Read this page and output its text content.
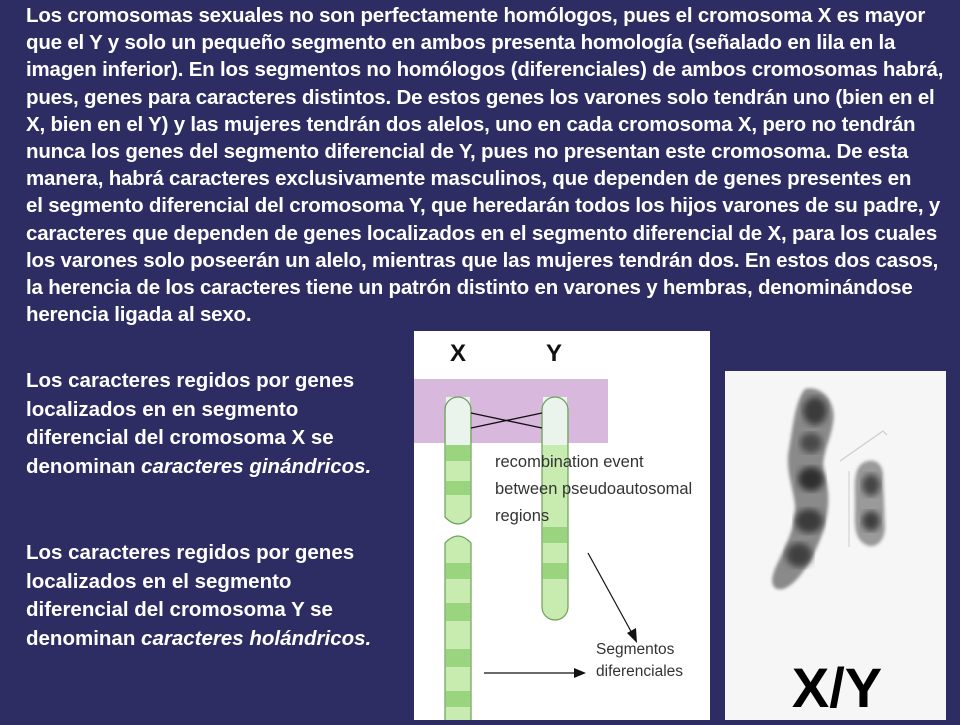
Los cromosomas sexuales no son perfectamente homólogos, pues el cromosoma X es mayor
que el Y y solo un pequeño segmento en ambos presenta homología (señalado en lila en la
imagen inferior). En los segmentos no homólogos (diferenciales) de ambos cromosomas habrá,
pues, genes para caracteres distintos. De estos genes los varones solo tendrán uno (bien en el
X, bien en el Y) y las mujeres tendrán dos alelos, uno en cada cromosoma X, pero no tendrán
nunca los genes del segmento diferencial de Y, pues no presentan este cromosoma. De esta
manera, habrá caracteres exclusivamente masculinos, que dependen de genes presentes en
el segmento diferencial del cromosoma Y, que heredarán todos los hijos varones de su padre, y
caracteres que dependen de genes localizados en el segmento diferencial de X, para los cuales
los varones solo poseerán un alelo, mientras que las mujeres tendrán dos. En estos dos casos,
la herencia de los caracteres tiene un patrón distinto en varones y hembras, denominándose
herencia ligada al sexo.
Los caracteres regidos por genes
localizados en en segmento
diferencial del cromosoma X se
denominan caracteres ginándricos.
Los caracteres regidos por genes
localizados en el segmento
diferencial del cromosoma Y se
denominan caracteres holándricos.
X	Y
recombination event between pseudoautosomal regions
Segmentos diferenciales X/Y
